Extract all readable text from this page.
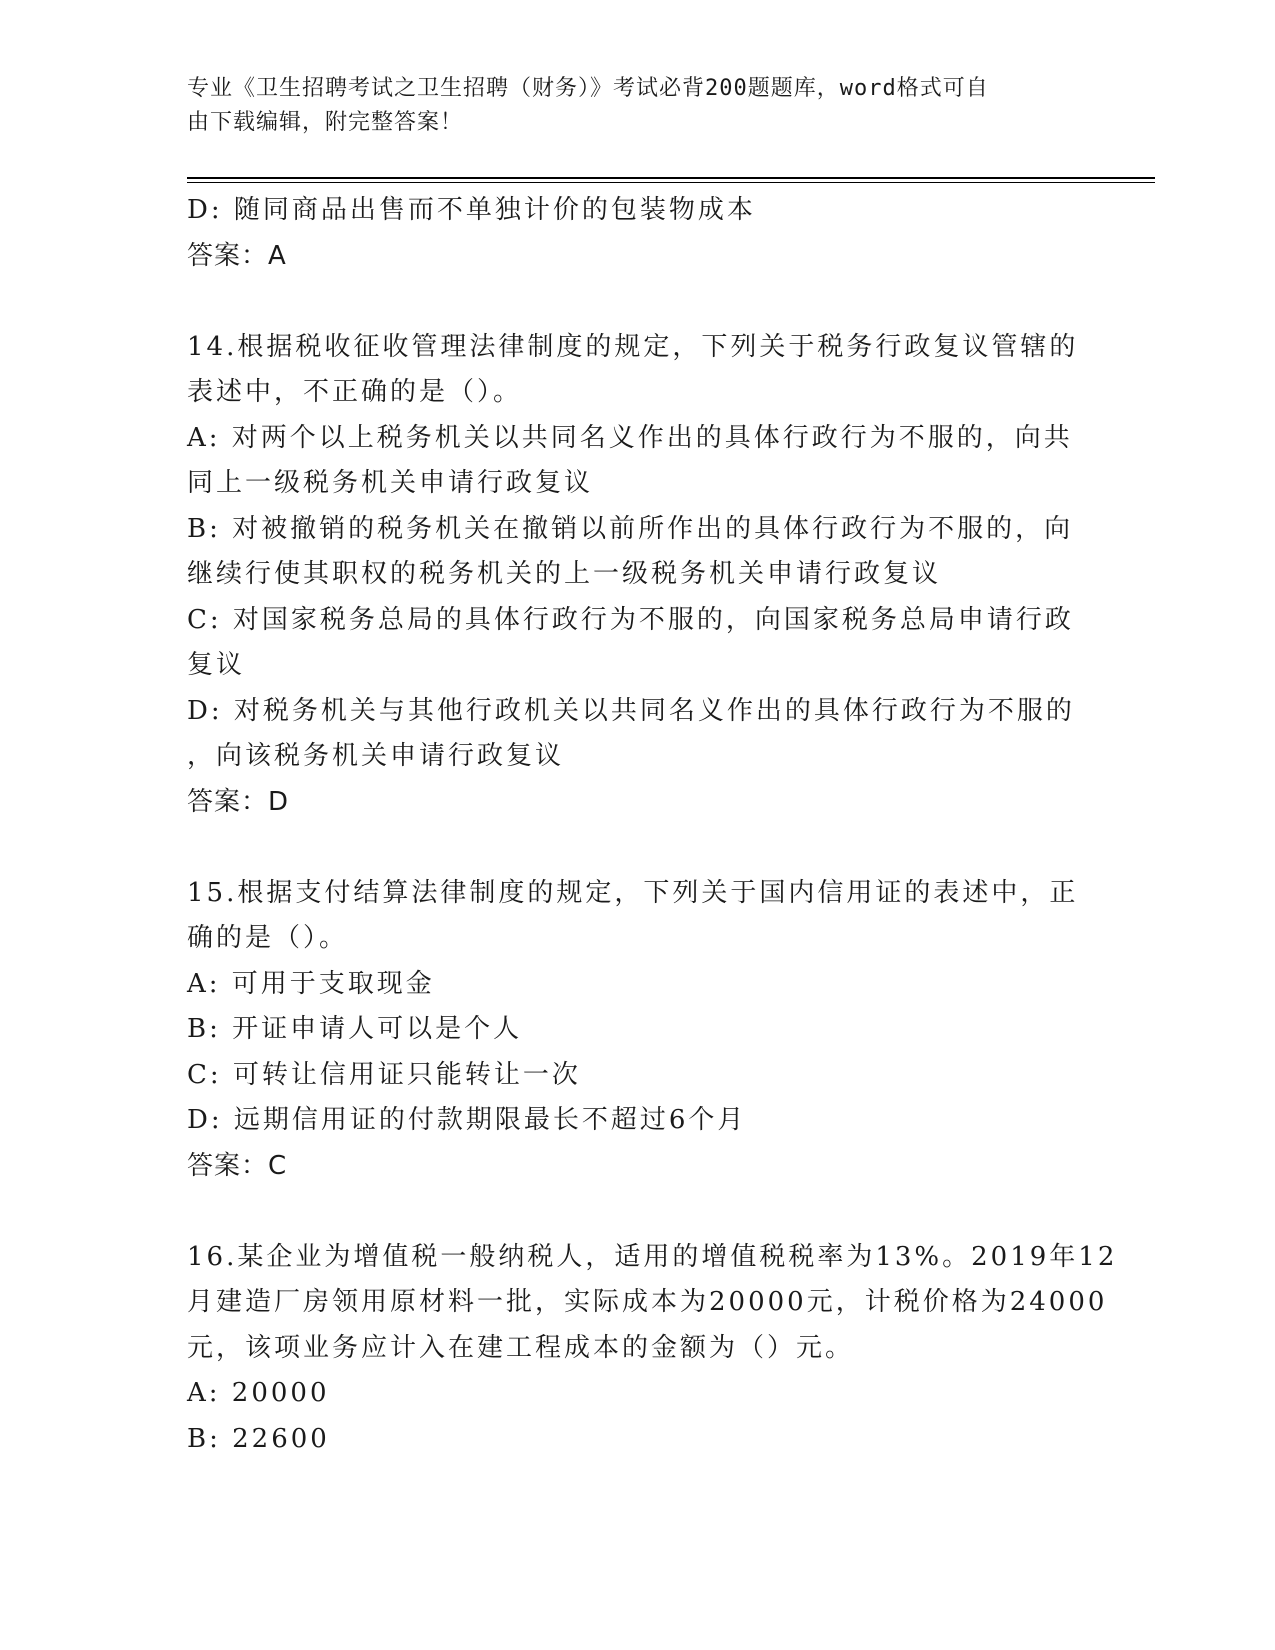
专业《卫生招聘考试之卫生招聘（财务）》考试必背200题题库，word格式可自
由下载编辑，附完整答案！
D: 随同商品出售而不单独计价的包装物成本
答案：A
14.根据税收征收管理法律制度的规定，下列关于税务行政复议管辖的
表述中，不正确的是（）。
A: 对两个以上税务机关以共同名义作出的具体行政行为不服的，向共
同上一级税务机关申请行政复议
B: 对被撤销的税务机关在撤销以前所作出的具体行政行为不服的，向
继续行使其职权的税务机关的上一级税务机关申请行政复议
C: 对国家税务总局的具体行政行为不服的，向国家税务总局申请行政
复议
D: 对税务机关与其他行政机关以共同名义作出的具体行政行为不服的
，向该税务机关申请行政复议
答案：D
15.根据支付结算法律制度的规定，下列关于国内信用证的表述中，正
确的是（）。
A: 可用于支取现金
B: 开证申请人可以是个人
C: 可转让信用证只能转让一次
D: 远期信用证的付款期限最长不超过6个月
答案：C
16.某企业为增值税一般纳税人，适用的增值税税率为13%。2019年12
月建造厂房领用原材料一批，实际成本为20000元，计税价格为24000
元，该项业务应计入在建工程成本的金额为（）元。
A: 20000
B: 22600
